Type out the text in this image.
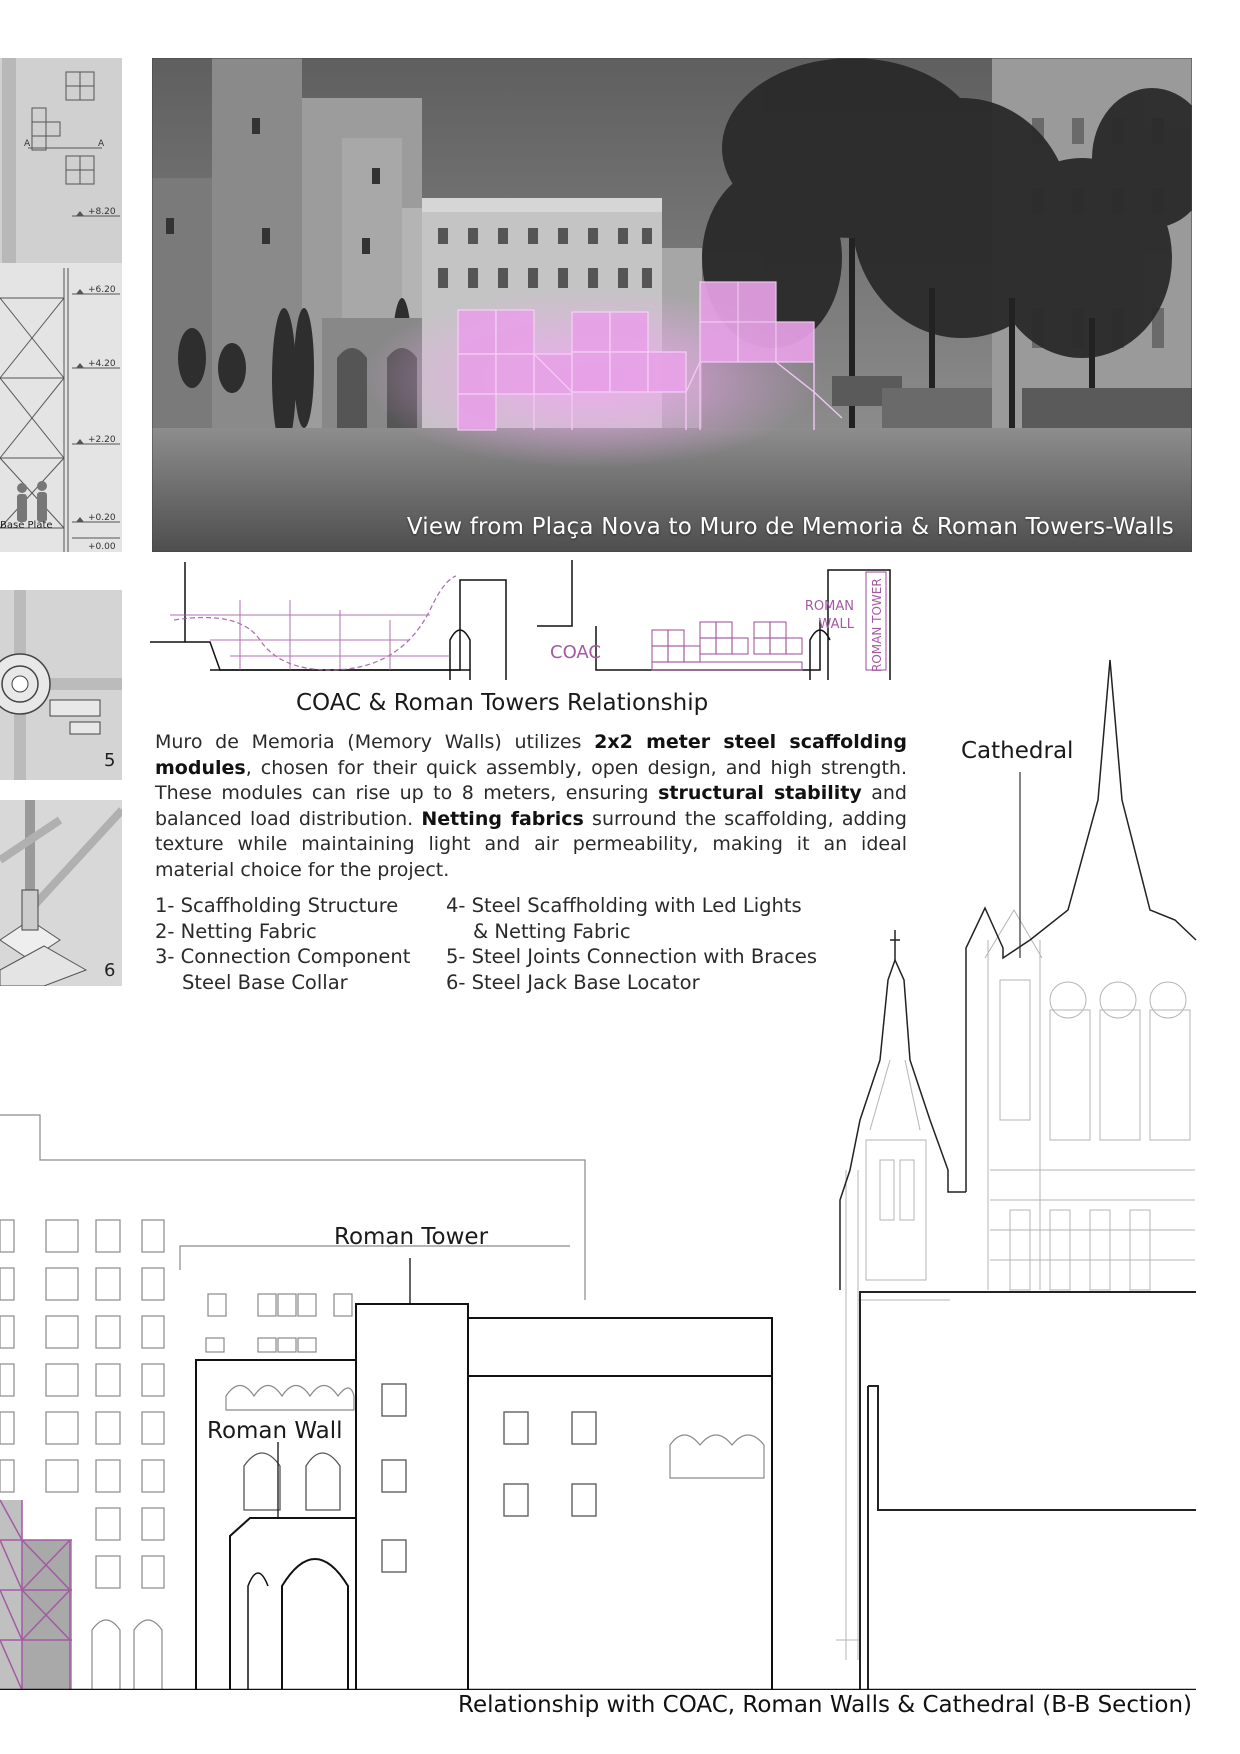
A	A
+8.20
+6.20
+4.20
+2.20
+0.20
+0.00
Base Plate
5
6
View from Plaça Nova to Muro de Memoria & Roman Towers-Walls
COAC
ROMAN
WALL ROMAN TOWER
COAC & Roman Towers Relationship
Muro de Memoria (Memory Walls) utilizes 2x2 meter steel scaffolding modules, chosen for their quick assembly, open design, and high strength. These modules can rise up to 8 meters, ensuring structural stability and balanced load distribution. Netting fabrics surround the scaffolding, adding texture while maintaining light and air permeability, making it an ideal material choice for the project.
1- Scaffholding Structure
2- Netting Fabric
3- Connection Component
Steel Base Collar
4- Steel Scaffholding with Led Lights
& Netting Fabric
5- Steel Joints Connection with Braces
6- Steel Jack Base Locator
Cathedral
Roman Tower
Roman Wall
Relationship with COAC, Roman Walls & Cathedral (B-B Section)
